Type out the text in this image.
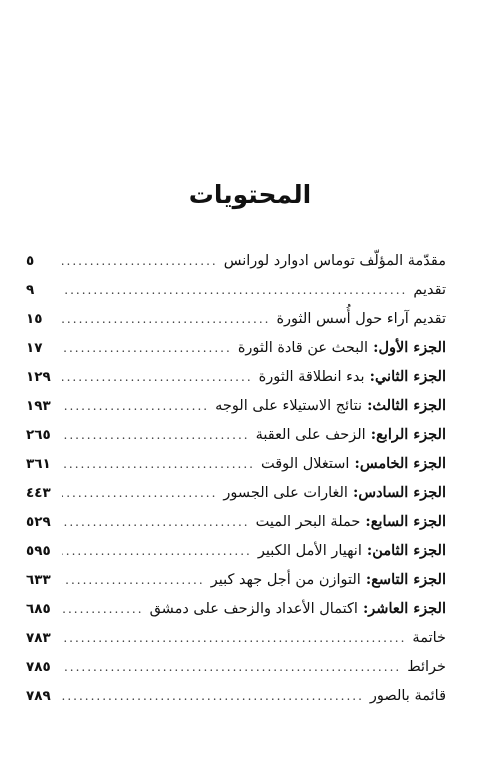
المحتويات
مقدّمة المؤلّف توماس ادوارد لورانس
.....
٥
تقديم
.....
٩
تقديم آراء حول أُسس الثورة
.....
١٥
الجزء الأول: البحث عن قادة الثورة
.....
١٧
الجزء الثاني: بدء انطلاقة الثورة
.....
١٢٩
الجزء الثالث: نتائج الاستيلاء على الوجه
.....
١٩٣
الجزء الرابع: الزحف على العقبة
.....
٢٦٥
الجزء الخامس: استغلال الوقت
.....
٣٦١
الجزء السادس: الغارات على الجسور
.....
٤٤٣
الجزء السابع: حملة البحر الميت
.....
٥٢٩
الجزء الثامن: انهيار الأمل الكبير
.....
٥٩٥
الجزء التاسع: التوازن من أجل جهد كبير
.....
٦٣٣
الجزء العاشر: اكتمال الأعداد والزحف على دمشق
.....
٦٨٥
خاتمة
.....
٧٨٣
خرائط
.....
٧٨٥
قائمة بالصور
.....
٧٨٩
